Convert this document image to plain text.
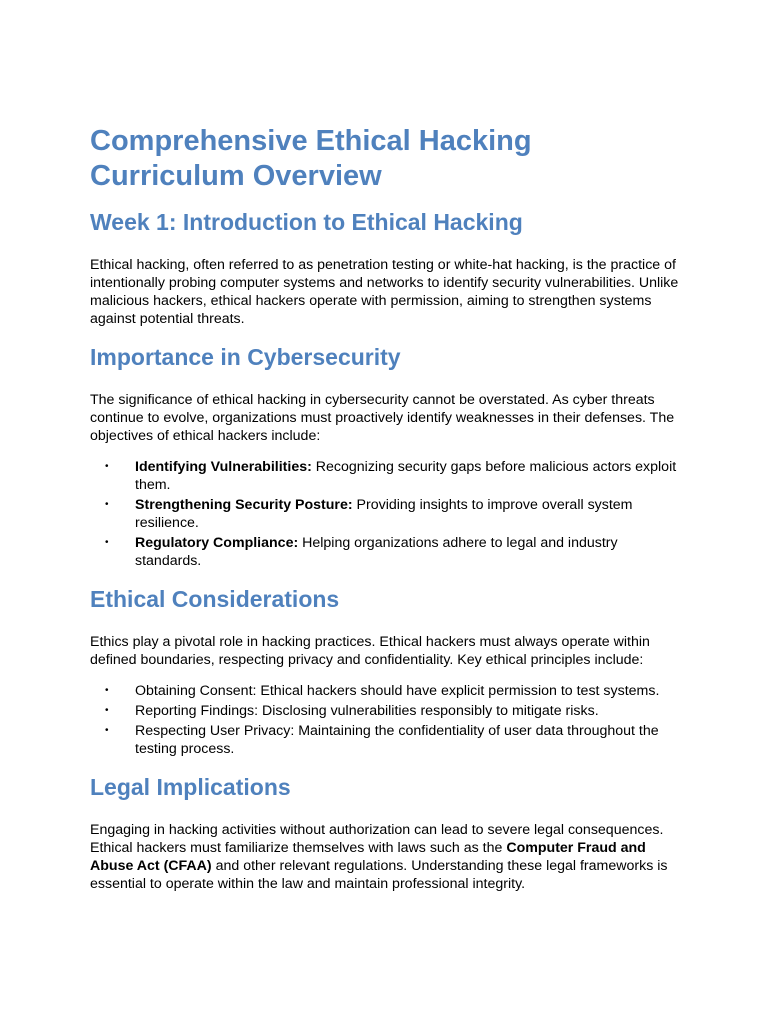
Comprehensive Ethical Hacking Curriculum Overview
Week 1: Introduction to Ethical Hacking

Ethical hacking, often referred to as penetration testing or white-hat hacking, is the practice of intentionally probing computer systems and networks to identify security vulnerabilities. Unlike malicious hackers, ethical hackers operate with permission, aiming to strengthen systems against potential threats.

Importance in Cybersecurity

The significance of ethical hacking in cybersecurity cannot be overstated. As cyber threats continue to evolve, organizations must proactively identify weaknesses in their defenses. The objectives of ethical hackers include:

• Identifying Vulnerabilities: Recognizing security gaps before malicious actors exploit them.
• Strengthening Security Posture: Providing insights to improve overall system resilience.
• Regulatory Compliance: Helping organizations adhere to legal and industry standards.
Ethical Considerations

Ethics play a pivotal role in hacking practices. Ethical hackers must always operate within defined boundaries, respecting privacy and confidentiality. Key ethical principles include:

• Obtaining Consent: Ethical hackers should have explicit permission to test systems.
• Reporting Findings: Disclosing vulnerabilities responsibly to mitigate risks.
• Respecting User Privacy: Maintaining the confidentiality of user data throughout the testing process.
Legal Implications

Engaging in hacking activities without authorization can lead to severe legal consequences. Ethical hackers must familiarize themselves with laws such as the Computer Fraud and Abuse Act (CFAA) and other relevant regulations. Understanding these legal frameworks is essential to operate within the law and maintain professional integrity.
